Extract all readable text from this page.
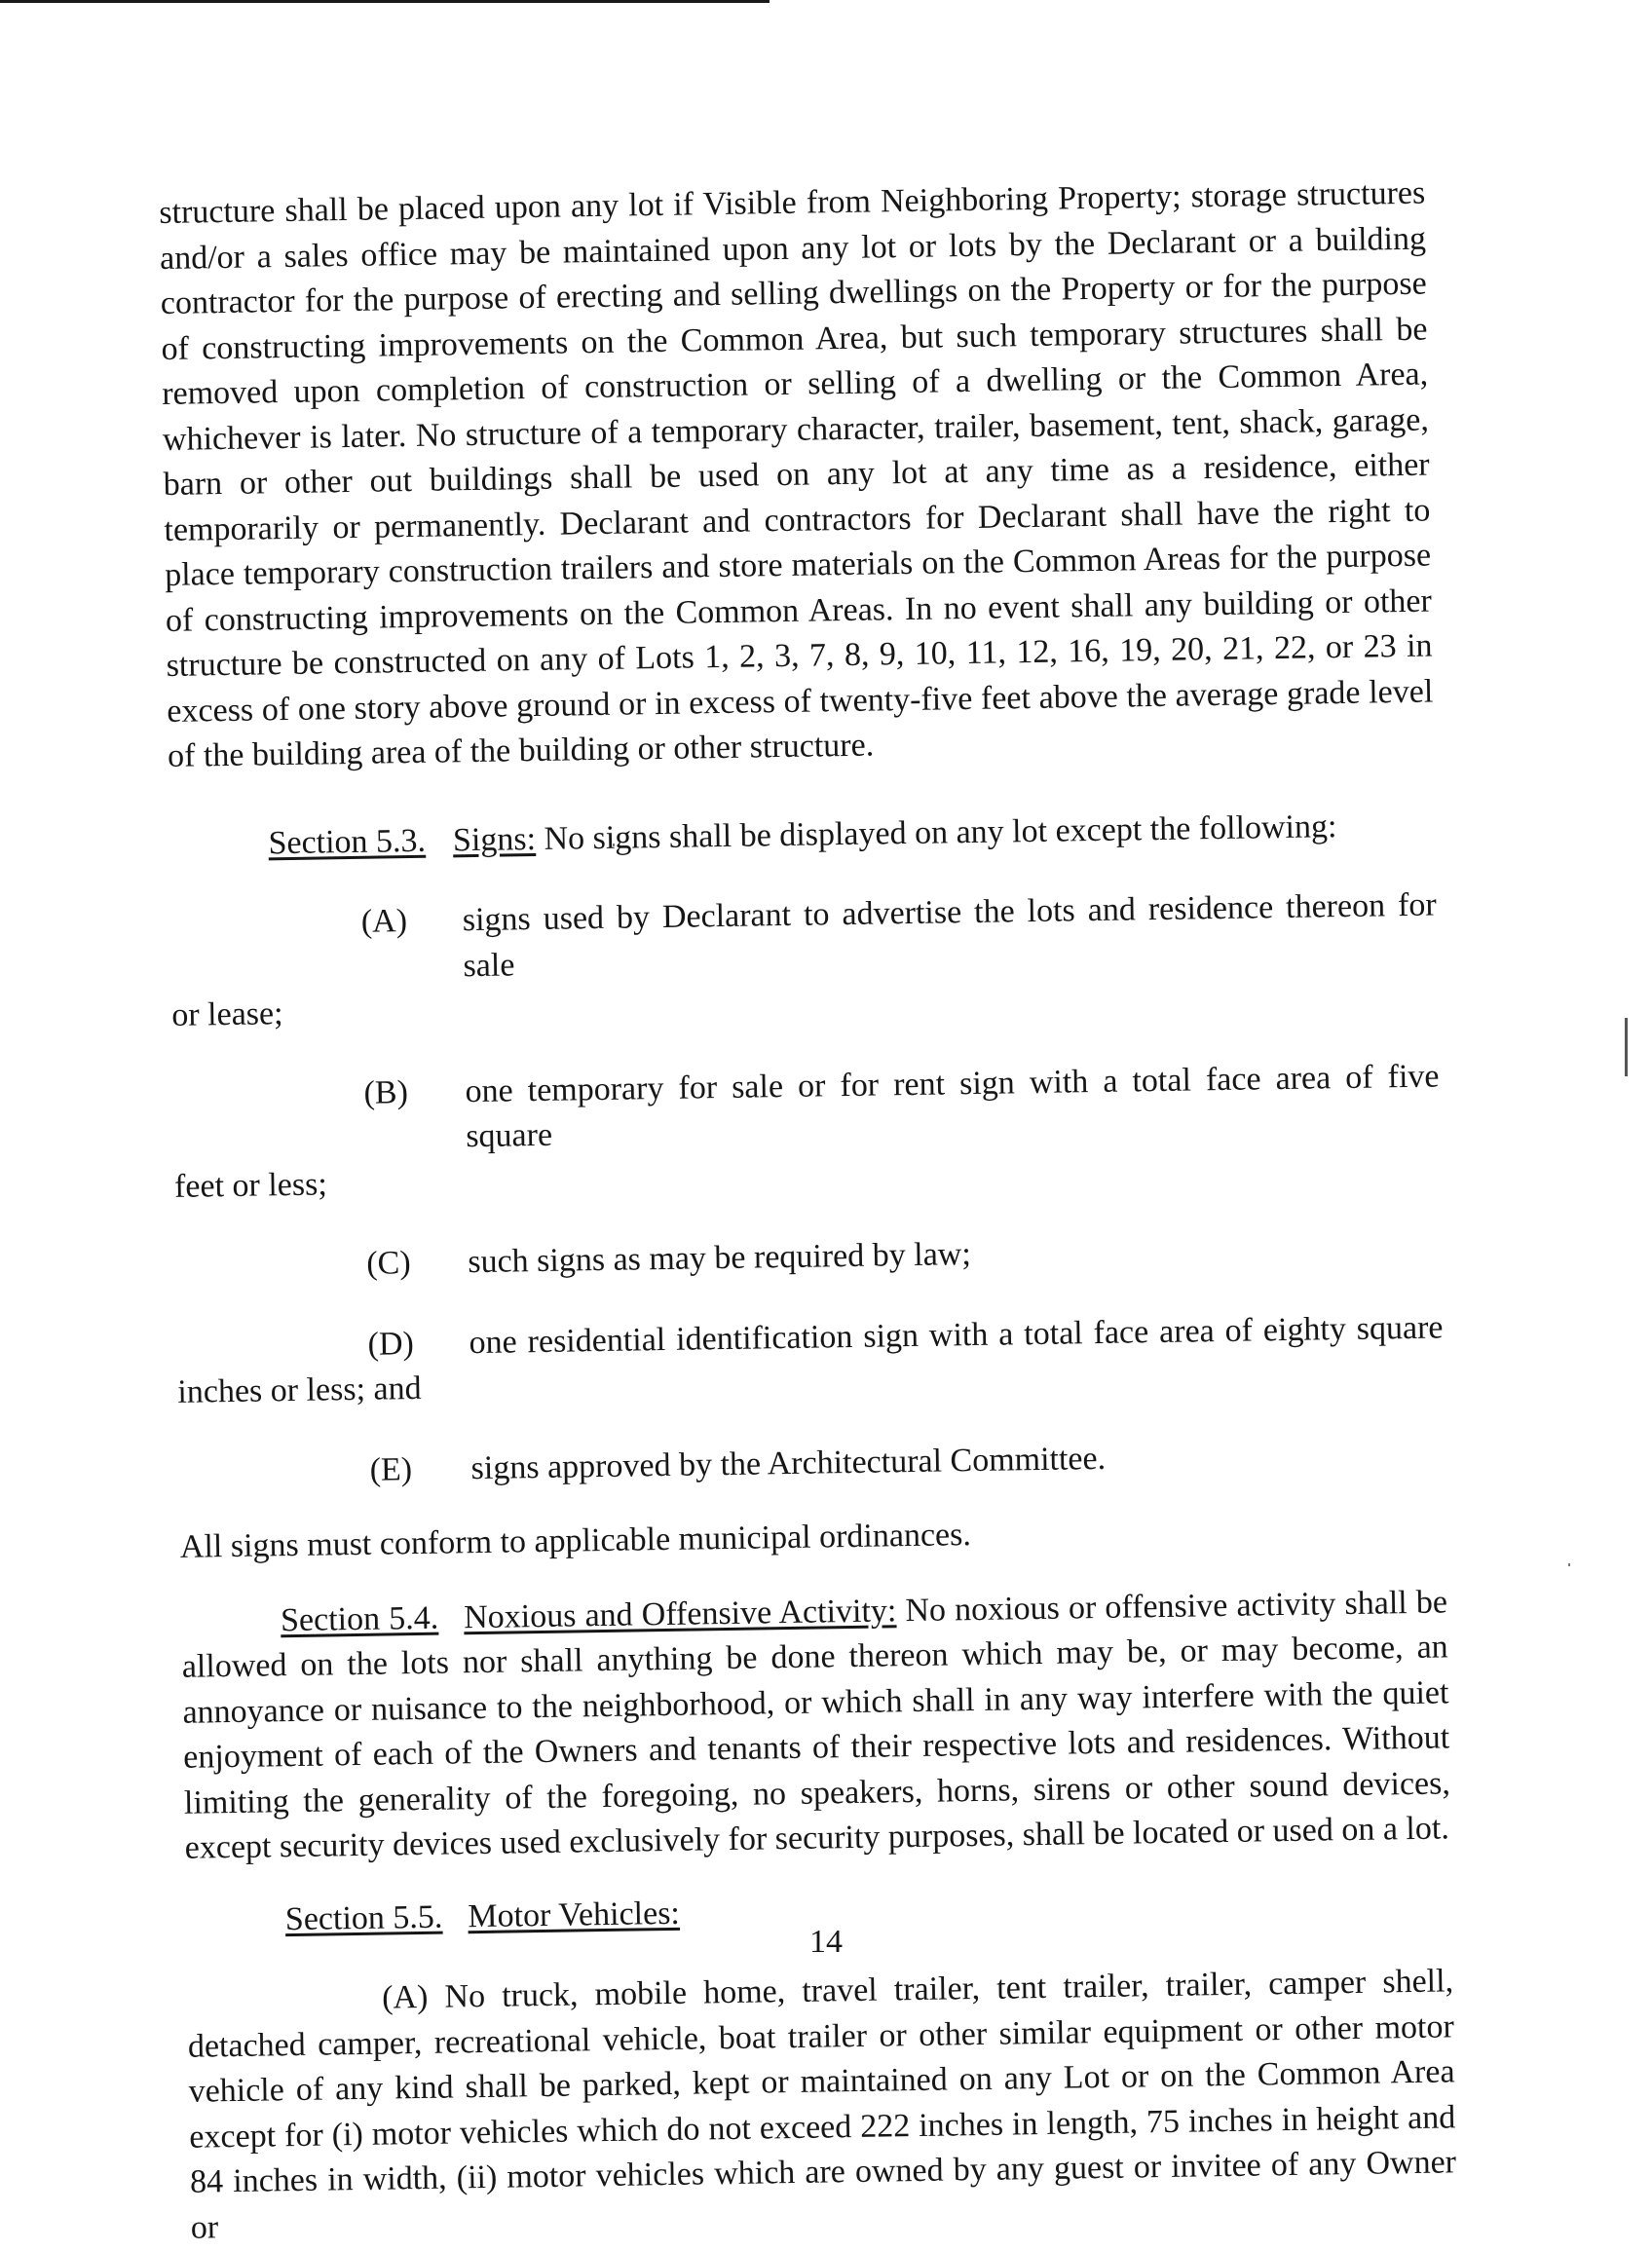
structure shall be placed upon any lot if Visible from Neighboring Property; storage structures and/or a sales office may be maintained upon any lot or lots by the Declarant or a building contractor for the purpose of erecting and selling dwellings on the Property or for the purpose of constructing improvements on the Common Area, but such temporary structures shall be removed upon completion of construction or selling of a dwelling or the Common Area, whichever is later. No structure of a temporary character, trailer, basement, tent, shack, garage, barn or other out buildings shall be used on any lot at any time as a residence, either temporarily or permanently. Declarant and contractors for Declarant shall have the right to place temporary construction trailers and store materials on the Common Areas for the purpose of constructing improvements on the Common Areas. In no event shall any building or other structure be constructed on any of Lots 1, 2, 3, 7, 8, 9, 10, 11, 12, 16, 19, 20, 21, 22, or 23 in excess of one story above ground or in excess of twenty-five feet above the average grade level of the building area of the building or other structure.

Section 5.3. Signs: No signs shall be displayed on any lot except the following:

(A) signs used by Declarant to advertise the lots and residence thereon for sale

or lease;

(B) one temporary for sale or for rent sign with a total face area of five square

feet or less;

(C) such signs as may be required by law;

(D) one residential identification sign with a total face area of eighty square

inches or less; and

(E) signs approved by the Architectural Committee.

All signs must conform to applicable municipal ordinances.

Section 5.4. Noxious and Offensive Activity: No noxious or offensive activity shall be allowed on the lots nor shall anything be done thereon which may be, or may become, an annoyance or nuisance to the neighborhood, or which shall in any way interfere with the quiet enjoyment of each of the Owners and tenants of their respective lots and residences. Without limiting the generality of the foregoing, no speakers, horns, sirens or other sound devices, except security devices used exclusively for security purposes, shall be located or used on a lot.

Section 5.5. Motor Vehicles:

(A) No truck, mobile home, travel trailer, tent trailer, trailer, camper shell, detached camper, recreational vehicle, boat trailer or other similar equipment or other motor vehicle of any kind shall be parked, kept or maintained on any Lot or on the Common Area except for (i) motor vehicles which do not exceed 222 inches in length, 75 inches in height and 84 inches in width, (ii) motor vehicles which are owned by any guest or invitee of any Owner or

14
